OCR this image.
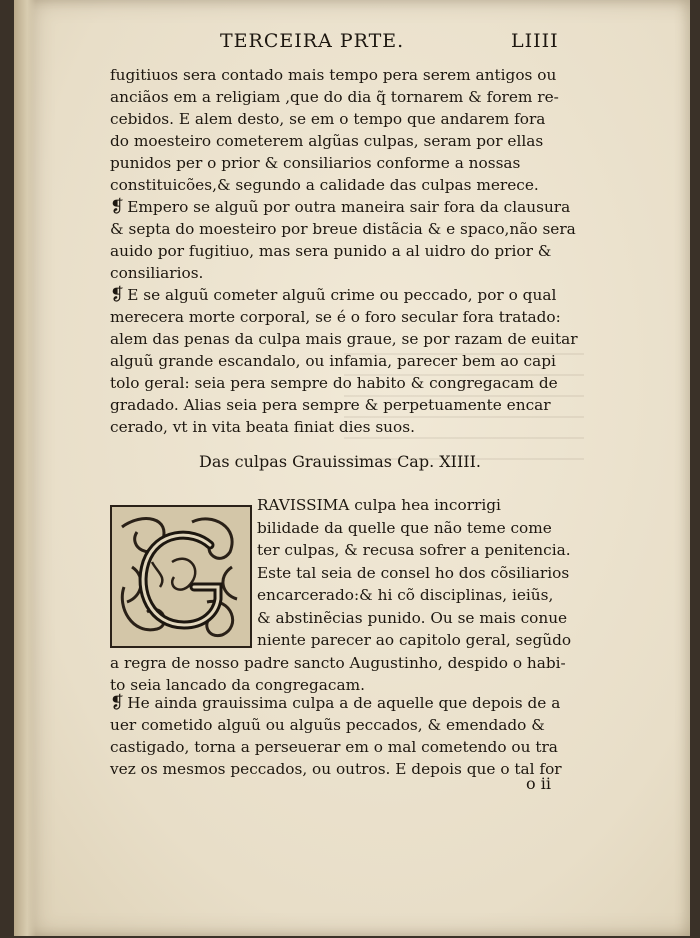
TERCEIRA PRTE.	LIIII
fugitiuos sera contado mais tempo pera serem antigos ou
anciãos em a religiam ,que do dia q̃ tornarem & forem re-
cebidos. E alem desto, se em o tempo que andarem fora
do moesteiro cometerem algũas culpas, seram por ellas
punidos per o prior & consiliarios conforme a nossas
constituicões,& segundo a calidade das culpas merece.
❡ Empero se alguũ por outra maneira sair fora da clausura
& septa do moesteiro por breue distãcia & e spaco,não sera
auido por fugitiuo, mas sera punido a al uidro do prior &
consiliarios.
❡ E se alguũ cometer alguũ crime ou peccado, por o qual
merecera morte corporal, se é o foro secular fora tratado:
alem das penas da culpa mais graue, se por razam de euitar
alguũ grande escandalo, ou infamia, parecer bem ao capi
tolo geral: seia pera sempre do habito & congregacam de
gradado. Alias seia pera sempre & perpetuamente encar
cerado, vt in vita beata finiat dies suos.
Das culpas Grauissimas Cap. XIIII.
RAVISSIMA culpa hea incorrigi
bilidade da quelle que não teme come
ter culpas, & recusa sofrer a penitencia.
Este tal seia de consel ho dos cõsiliarios
encarcerado:& hi cõ disciplinas, ieiũs,
& abstinẽcias punido. Ou se mais conue
niente parecer ao capitolo geral, segũdo
a regra de nosso padre sancto Augustinho, despido o habi-
to seia lancado da congregacam.
❡ He ainda grauissima culpa a de aquelle que depois de a
uer cometido alguũ ou alguũs peccados, & emendado &
castigado, torna a perseuerar em o mal cometendo ou tra
vez os mesmos peccados, ou outros. E depois que o tal for
o ii
